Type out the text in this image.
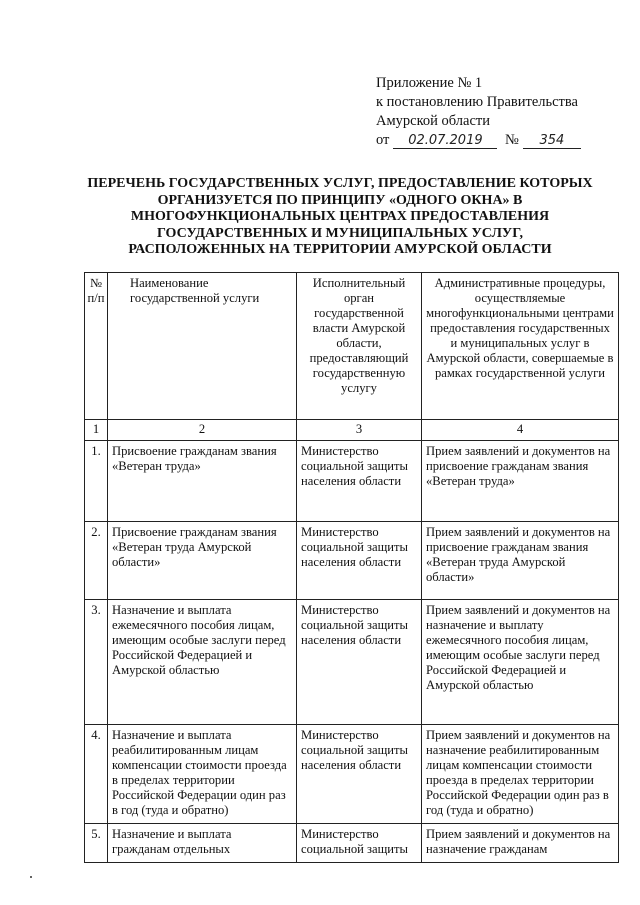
Приложение № 1
к постановлению Правительства
Амурской области
от 02.07.2019 № 354
ПЕРЕЧЕНЬ ГОСУДАРСТВЕННЫХ УСЛУГ, ПРЕДОСТАВЛЕНИЕ КОТОРЫХ
ОРГАНИЗУЕТСЯ ПО ПРИНЦИПУ «ОДНОГО ОКНА» В
МНОГОФУНКЦИОНАЛЬНЫХ ЦЕНТРАХ ПРЕДОСТАВЛЕНИЯ
ГОСУДАРСТВЕННЫХ И МУНИЦИПАЛЬНЫХ УСЛУГ,
РАСПОЛОЖЕННЫХ НА ТЕРРИТОРИИ АМУРСКОЙ ОБЛАСТИ
№ п/п	Наименование государственной услуги	Исполнительный орган государственной власти Амурской области, предоставляющий государственную услугу	Административные процедуры, осуществляемые многофункциональными центрами предоставления государственных и муниципальных услуг в Амурской области, совершаемые в рамках государственной услуги
1	2	3	4
1.	Присвоение гражданам звания «Ветеран труда»	Министерство социальной защиты населения области	Прием заявлений и документов на присвоение гражданам звания «Ветеран труда»
2.	Присвоение гражданам звания «Ветеран труда Амурской области»	Министерство социальной защиты населения области	Прием заявлений и документов на присвоение гражданам звания «Ветеран труда Амурской области»
3.	Назначение и выплата ежемесячного пособия лицам, имеющим особые заслуги перед Российской Федерацией и Амурской областью	Министерство социальной защиты населения области	Прием заявлений и документов на назначение и выплату ежемесячного пособия лицам, имеющим особые заслуги перед Российской Федерацией и Амурской областью
4.	Назначение и выплата реабилитированным лицам компенсации стоимости проезда в пределах территории Российской Федерации один раз в год (туда и обратно)	Министерство социальной защиты населения области	Прием заявлений и документов на назначение реабилитированным лицам компенсации стоимости проезда в пределах территории Российской Федерации один раз в год (туда и обратно)
5.	Назначение и выплата гражданам отдельных	Министерство социальной защиты	Прием заявлений и документов на назначение гражданам
